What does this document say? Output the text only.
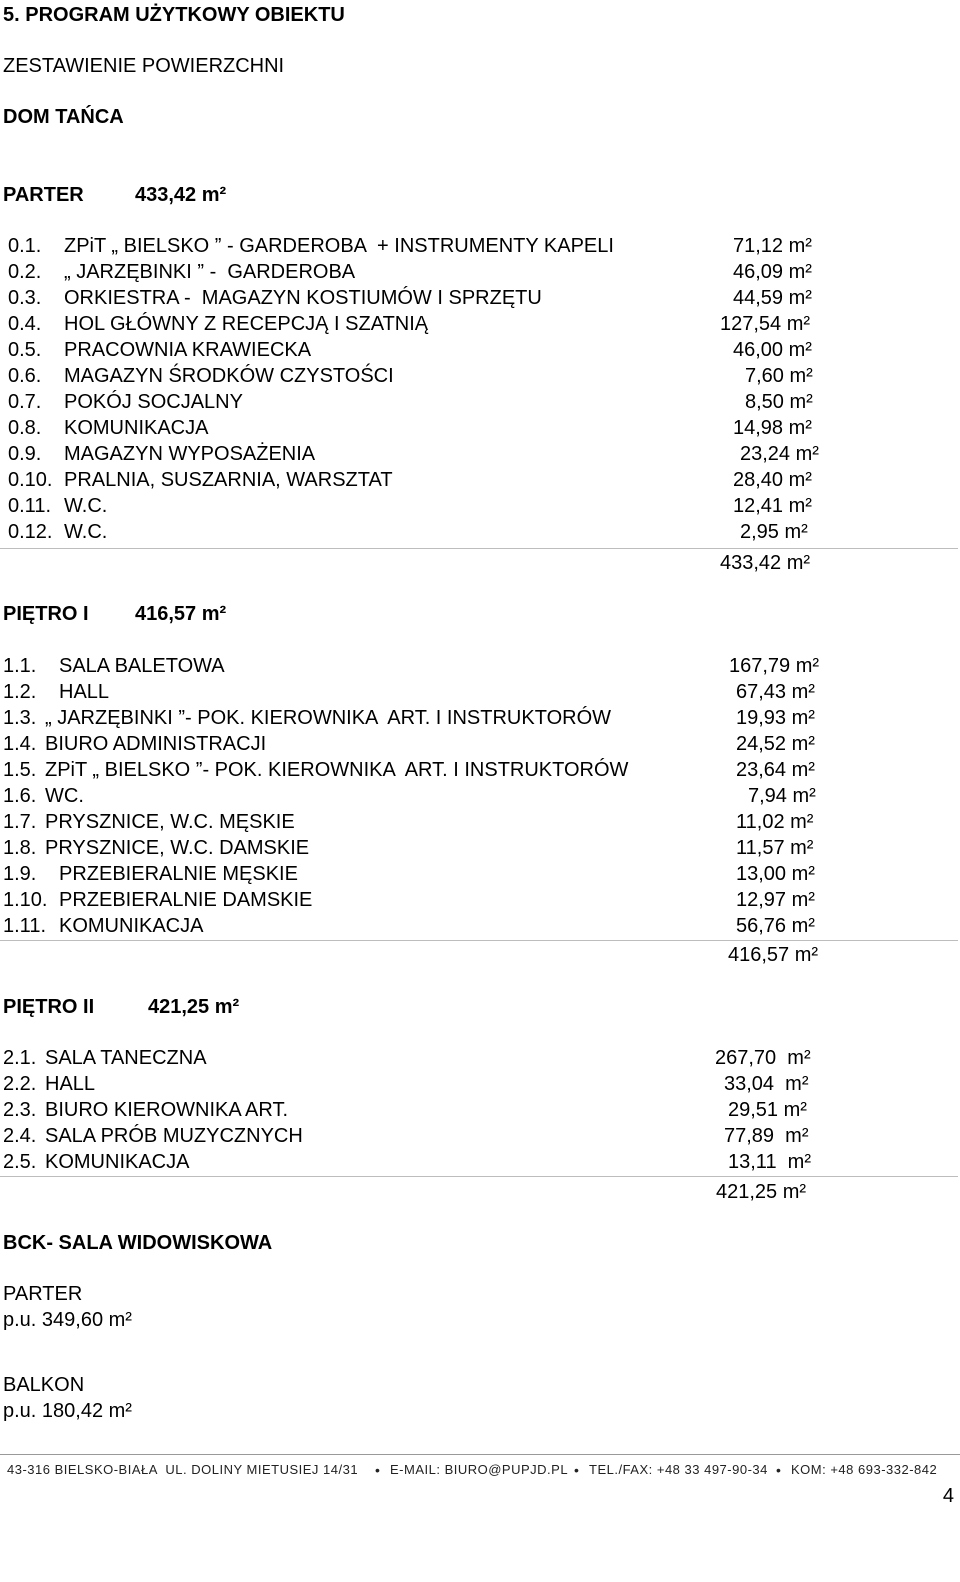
5. PROGRAM UŻYTKOWY OBIEKTU
ZESTAWIENIE POWIERZCHNI
DOM TAŃCA
PARTER	433,42 m²
0.1. ZPiT „ BIELSKO ” - GARDEROBA  + INSTRUMENTY KAPELI	71,12 m²
0.2. „ JARZĘBINKI ” -  GARDEROBA	46,09 m²
0.3. ORKIESTRA -  MAGAZYN KOSTIUMÓW I SPRZĘTU	44,59 m²
0.4. HOL GŁÓWNY Z RECEPCJĄ I SZATNIĄ	127,54 m²
0.5. PRACOWNIA KRAWIECKA	46,00 m²
0.6. MAGAZYN ŚRODKÓW CZYSTOŚCI	7,60 m²
0.7. POKÓJ SOCJALNY	8,50 m²
0.8. KOMUNIKACJA	14,98 m²
0.9. MAGAZYN WYPOSAŻENIA	23,24 m²
0.10. PRALNIA, SUSZARNIA, WARSZTAT	28,40 m²
0.11. W.C.	12,41 m²
0.12. W.C.	2,95 m²
433,42 m²
PIĘTRO I 416,57 m²
1.1. SALA BALETOWA	167,79 m²
1.2. HALL	67,43 m²
1.3. „ JARZĘBINKI ”- POK. KIEROWNIKA  ART. I INSTRUKTORÓW	19,93 m²
1.4. BIURO ADMINISTRACJI	24,52 m²
1.5. ZPiT „ BIELSKO ”- POK. KIEROWNIKA  ART. I INSTRUKTORÓW	23,64 m²
1.6. WC.	7,94 m²
1.7. PRYSZNICE, W.C. MĘSKIE	11,02 m²
1.8. PRYSZNICE, W.C. DAMSKIE	11,57 m²
1.9. PRZEBIERALNIE MĘSKIE	13,00 m²
1.10. PRZEBIERALNIE DAMSKIE	12,97 m²
1.11. KOMUNIKACJA	56,76 m²
416,57 m²
PIĘTRO II	421,25 m²
2.1. SALA TANECZNA	267,70  m²
2.2. HALL	33,04  m²
2.3. BIURO KIEROWNIKA ART.	29,51 m²
2.4. SALA PRÓB MUZYCZNYCH	77,89  m²
2.5. KOMUNIKACJA	13,11  m²
421,25 m²
BCK- SALA WIDOWISKOWA
PARTER
p.u. 349,60 m²
BALKON
p.u. 180,42 m²

43-316 BIELSKO-BIAŁA  UL. DOLINY MIETUSIEJ 14/31

•

E-MAIL: BIURO@PUPJD.PL

•

TEL./FAX: +48 33 497-90-34

•

KOM: +48 693-332-842

4
